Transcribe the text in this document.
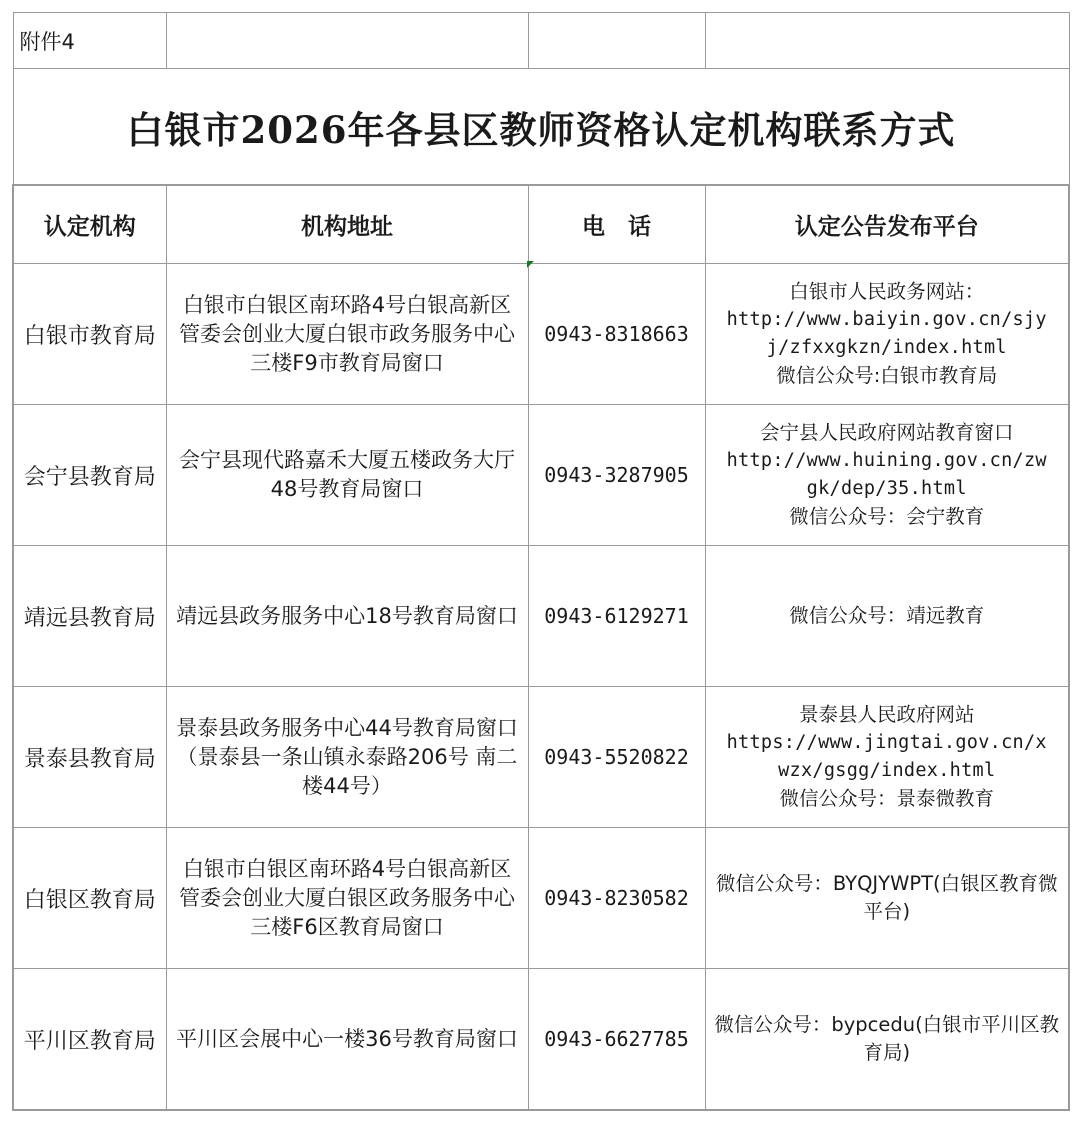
附件4			
白银市2026年各县区教师资格认定机构联系方式			
认定机构	机构地址	电　话	认定公告发布平台
白银市教育局	白银市白银区南环路4号白银高新区管委会创业大厦白银市政务服务中心三楼F9市教育局窗口	0943-8318663	白银市人民政务网站：
http://www.baiyin.gov.cn/sjy
j/zfxxgkzn/index.html
微信公众号:白银市教育局

会宁县教育局	会宁县现代路嘉禾大厦五楼政务大厅48号教育局窗口	0943-3287905	会宁县人民政府网站教育窗口
http://www.huining.gov.cn/zw
gk/dep/35.html
微信公众号：会宁教育

靖远县教育局	靖远县政务服务中心18号教育局窗口	0943-6129271	微信公众号：靖远教育

景泰县教育局	景泰县政务服务中心44号教育局窗口（景泰县一条山镇永泰路206号 南二楼44号）	0943-5520822	景泰县人民政府网站
https://www.jingtai.gov.cn/x
wzx/gsgg/index.html
微信公众号：景泰微教育

白银区教育局	白银市白银区南环路4号白银高新区管委会创业大厦白银区政务服务中心三楼F6区教育局窗口	0943-8230582	微信公众号：BYQJYWPT(白银区教育微平台)

平川区教育局	平川区会展中心一楼36号教育局窗口	0943-6627785	微信公众号：bypcedu(白银市平川区教育局)
